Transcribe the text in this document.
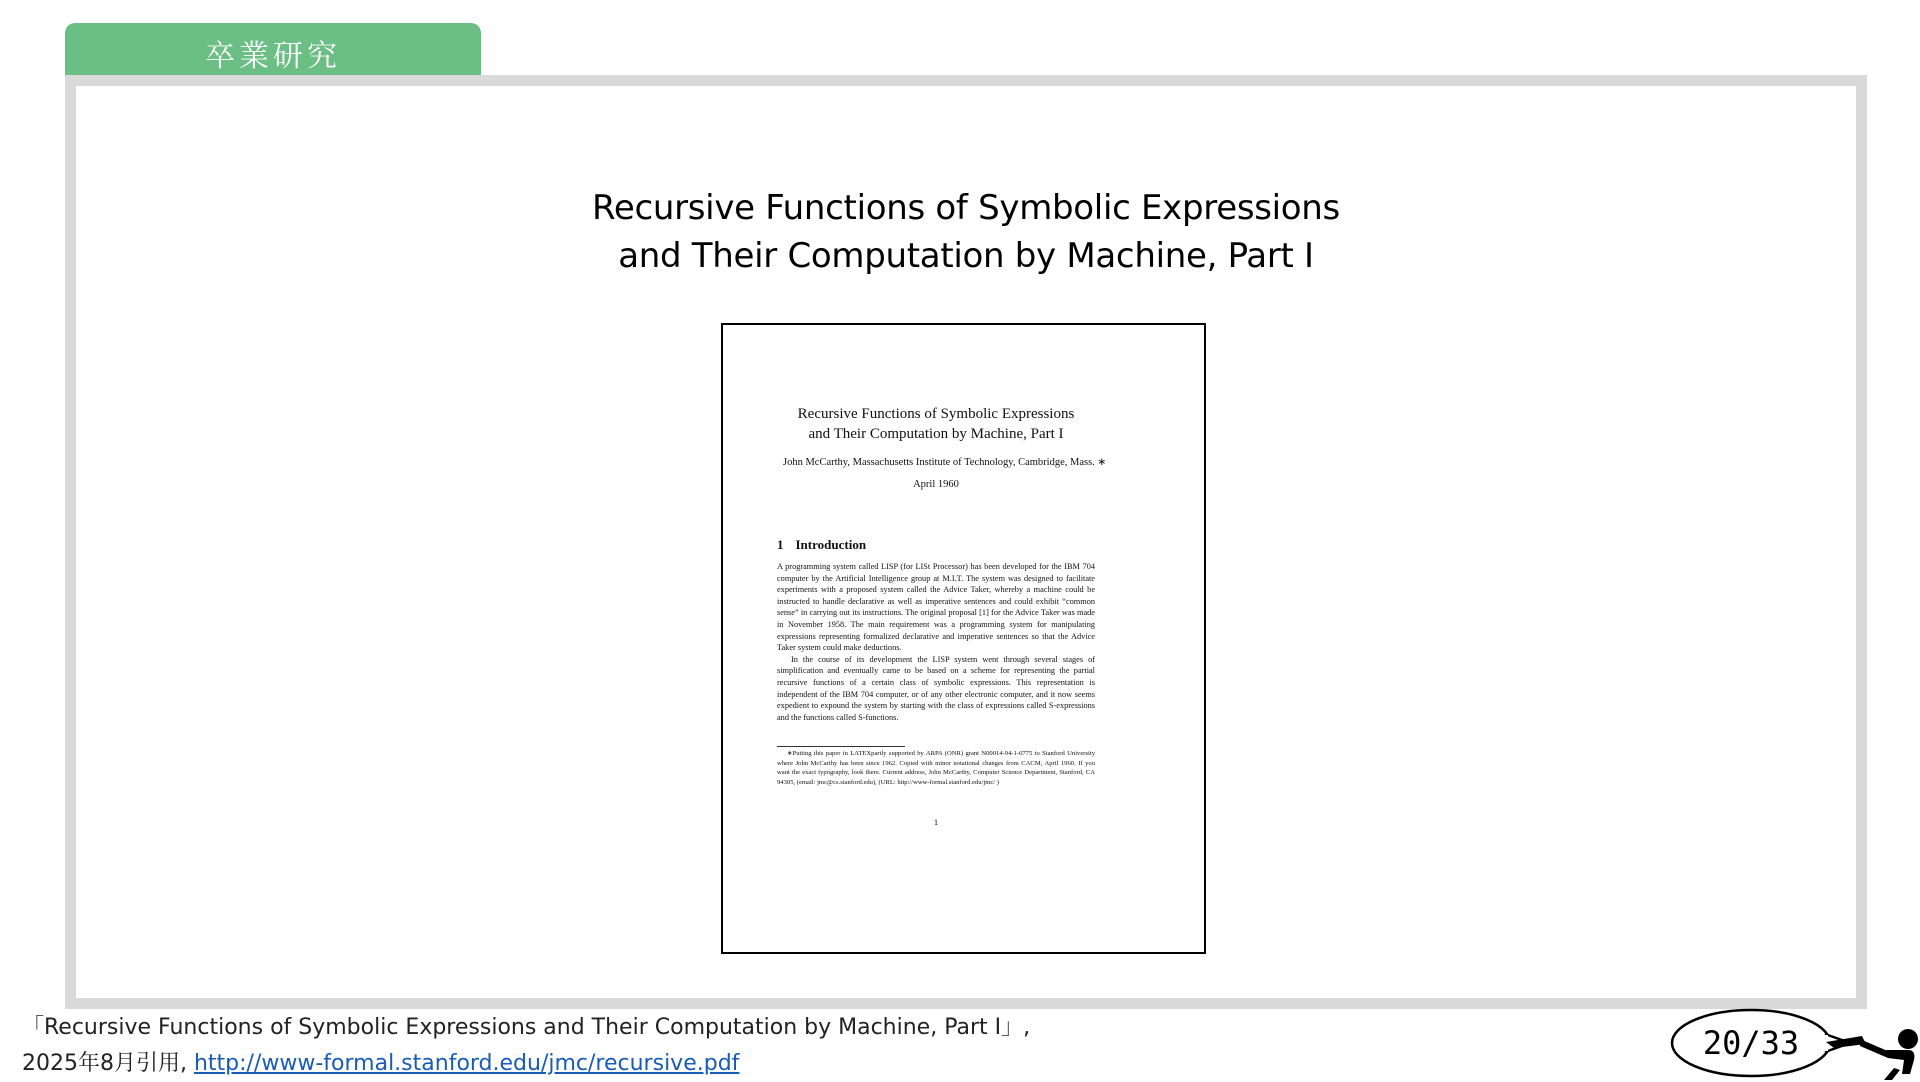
卒業研究
Recursive Functions of Symbolic Expressions
and Their Computation by Machine, Part I
Recursive Functions of Symbolic Expressions
and Their Computation by Machine, Part I
John McCarthy, Massachusetts Institute of Technology, Cambridge, Mass. ∗
April 1960
1 Introduction

A programming system called LISP (for LISt Processor) has been developed for the IBM 704 computer by the Artificial Intelligence group at M.I.T. The system was designed to facilitate experiments with a proposed system called the Advice Taker, whereby a machine could be instructed to handle declarative as well as imperative sentences and could exhibit “common sense” in carrying out its instructions. The original proposal [1] for the Advice Taker was made in November 1958. The main requirement was a programming system for manipulating expressions representing formalized declarative and imperative sentences so that the Advice Taker system could make deductions.

In the course of its development the LISP system went through several stages of simplification and eventually came to be based on a scheme for representing the partial recursive functions of a certain class of symbolic expressions. This representation is independent of the IBM 704 computer, or of any other electronic computer, and it now seems expedient to expound the system by starting with the class of expressions called S-expressions and the functions called S-functions.

∗Putting this paper in LATEXpartly supported by ARPA (ONR) grant N00014-94-1-0775 to Stanford University where John McCarthy has been since 1962. Copied with minor notational changes from CACM, April 1960. If you want the exact typography, look there. Current address, John McCarthy, Computer Science Department, Stanford, CA 94305, (email: jmc@cs.stanford.edu), (URL: http://www-formal.stanford.edu/jmc/ )
1
「Recursive Functions of Symbolic Expressions and Their Computation by Machine, Part I」,
2025年8月引用, http://www-formal.stanford.edu/jmc/recursive.pdf
20/33
